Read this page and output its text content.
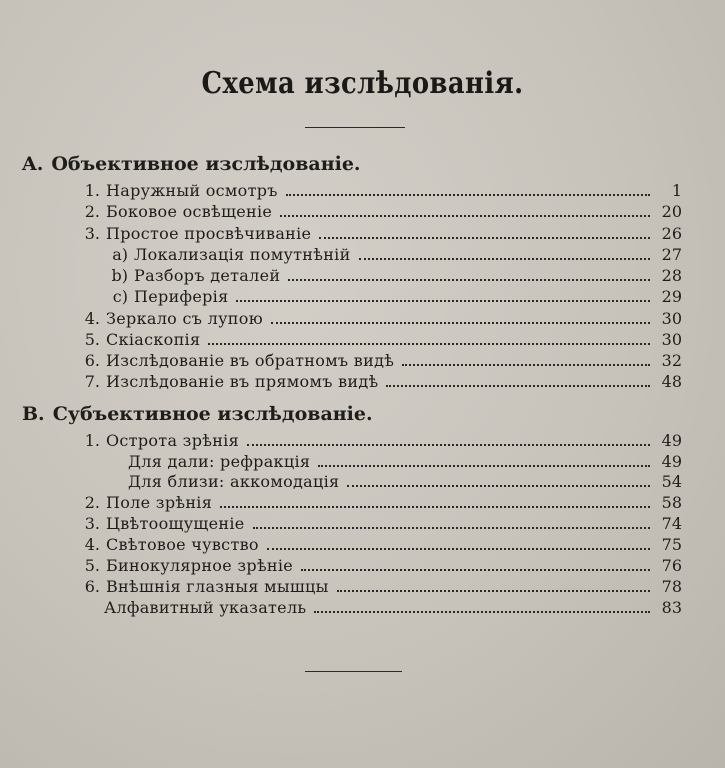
Схема изслѣдованія.
A. Объективное изслѣдованіе.
1. Наружный осмотръ	1
2. Боковое освѣщеніе	20
3. Простое просвѣчиваніе	26
a) Локализація помутнѣній	27
b) Разборъ деталей	28
c) Периферія	29
4. Зеркало съ лупою	30
5. Скіаскопія	30
6. Изслѣдованіе въ обратномъ видѣ	32
7. Изслѣдованіе въ прямомъ видѣ	48
B. Субъективное изслѣдованіе.
1. Острота зрѣнія	49
Для дали: рефракція	49
Для близи: аккомодація	54
2. Поле зрѣнія	58
3. Цвѣтоощущеніе	74
4. Свѣтовое чувство	75
5. Бинокулярное зрѣніе	76
6. Внѣшнія глазныя мышцы	78
Алфавитный указатель	83
